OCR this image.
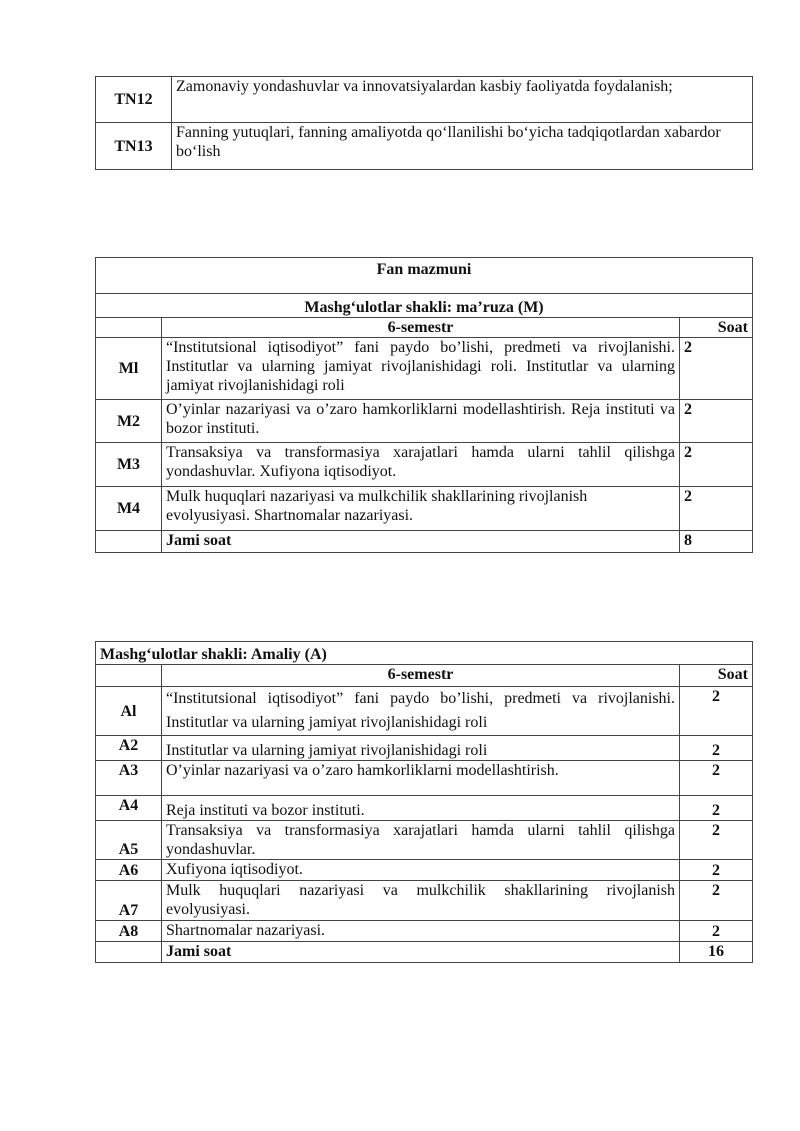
TN12	Zamonaviy yondashuvlar va innovatsiyalardan kasbiy faoliyatda foydalanish;
TN13	Fanning yutuqlari, fanning amaliyotda qo‘llanilishi bo‘yicha tadqiqotlardan xabardor bo‘lish
Fan mazmuni		
Mashg‘ulotlar shakli: ma’ruza (M)		
	6-semestr	Soat
Ml	“Institutsional iqtisodiyot” fani paydo bo’lishi, predmeti va rivojlanishi. Institutlar va ularning jamiyat rivojlanishidagi roli. Institutlar va ularning jamiyat rivojlanishidagi roli	2
M2	O’yinlar nazariyasi va o’zaro hamkorliklarni modellashtirish. Reja instituti va bozor instituti.	2
M3	Transaksiya va transformasiya xarajatlari hamda ularni tahlil qilishga yondashuvlar. Xufiyona iqtisodiyot.	2
M4	Mulk huquqlari nazariyasi va mulkchilik shakllarining rivojlanish evolyusiyasi. Shartnomalar nazariyasi.	2
	Jami soat	8
Mashg‘ulotlar shakli: Amaliy (A)		
	6-semestr	Soat
Al	“Institutsional iqtisodiyot” fani paydo bo’lishi, predmeti va rivojlanishi. Institutlar va ularning jamiyat rivojlanishidagi roli	2
A2	Institutlar va ularning jamiyat rivojlanishidagi roli	2
A3	O’yinlar nazariyasi va o’zaro hamkorliklarni modellashtirish.	2
A4	Reja instituti va bozor instituti.	2
A5	Transaksiya va transformasiya xarajatlari hamda ularni tahlil qilishga yondashuvlar.	2
A6	Xufiyona iqtisodiyot.	2
A7	Mulk huquqlari nazariyasi va mulkchilik shakllarining rivojlanish evolyusiyasi.	2
A8	Shartnomalar nazariyasi.	2
	Jami soat	16
